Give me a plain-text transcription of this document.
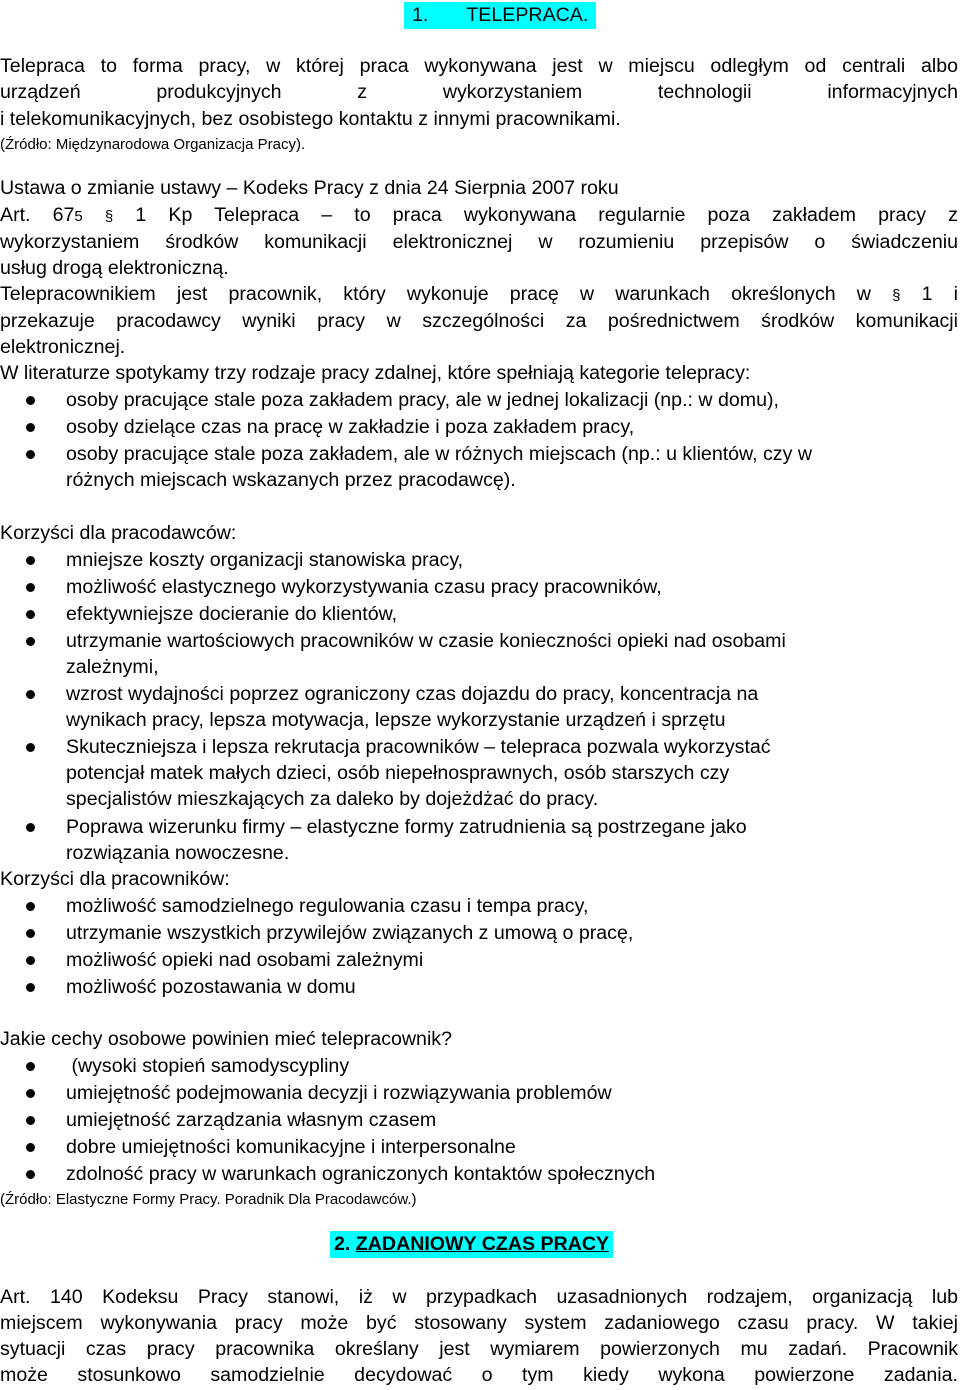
1. TELEPRACA.
Telepraca to forma pracy, w której praca wykonywana jest w miejscu odległym od centrali albo
urządzeń produkcyjnych z wykorzystaniem technologii informacyjnych
i telekomunikacyjnych, bez osobistego kontaktu z innymi pracownikami.
(Źródło: Międzynarodowa Organizacja Pracy).
Ustawa o zmianie ustawy – Kodeks Pracy z dnia 24 Sierpnia 2007 roku
Art. 675 § 1 Kp Telepraca – to praca wykonywana regularnie poza zakładem pracy z
wykorzystaniem środków komunikacji elektronicznej w rozumieniu przepisów o świadczeniu
usług drogą elektroniczną.
Telepracownikiem jest pracownik, który wykonuje pracę w warunkach określonych w § 1 i
przekazuje pracodawcy wyniki pracy w szczególności za pośrednictwem środków komunikacji
elektronicznej.
W literaturze spotykamy trzy rodzaje pracy zdalnej, które spełniają kategorie telepracy:
osoby pracujące stale poza zakładem pracy, ale w jednej lokalizacji (np.: w domu),
osoby dzielące czas na pracę w zakładzie i poza zakładem pracy,
osoby pracujące stale poza zakładem, ale w różnych miejscach (np.: u klientów, czy w
różnych miejscach wskazanych przez pracodawcę).
Korzyści dla pracodawców:
mniejsze koszty organizacji stanowiska pracy,
możliwość elastycznego wykorzystywania czasu pracy pracowników,
efektywniejsze docieranie do klientów,
utrzymanie wartościowych pracowników w czasie konieczności opieki nad osobami
zależnymi,
wzrost wydajności poprzez ograniczony czas dojazdu do pracy, koncentracja na
wynikach pracy, lepsza motywacja, lepsze wykorzystanie urządzeń i sprzętu
Skuteczniejsza i lepsza rekrutacja pracowników – telepraca pozwala wykorzystać
potencjał matek małych dzieci, osób niepełnosprawnych, osób starszych czy
specjalistów mieszkających za daleko by dojeżdżać do pracy.
Poprawa wizerunku firmy – elastyczne formy zatrudnienia są postrzegane jako
rozwiązania nowoczesne.
Korzyści dla pracowników:
możliwość samodzielnego regulowania czasu i tempa pracy,
utrzymanie wszystkich przywilejów związanych z umową o pracę,
możliwość opieki nad osobami zależnymi
możliwość pozostawania w domu
Jakie cechy osobowe powinien mieć telepracownik?
(wysoki stopień samodyscypliny
umiejętność podejmowania decyzji i rozwiązywania problemów
umiejętność zarządzania własnym czasem
dobre umiejętności komunikacyjne i interpersonalne
zdolność pracy w warunkach ograniczonych kontaktów społecznych
(Źródło: Elastyczne Formy Pracy. Poradnik Dla Pracodawców.)
2. ZADANIOWY CZAS PRACY
Art. 140 Kodeksu Pracy stanowi, iż w przypadkach uzasadnionych rodzajem, organizacją lub
miejscem wykonywania pracy może być stosowany system zadaniowego czasu pracy. W takiej
sytuacji czas pracy pracownika określany jest wymiarem powierzonych mu zadań. Pracownik
może stosunkowo samodzielnie decydować o tym kiedy wykona powierzone zadania.
